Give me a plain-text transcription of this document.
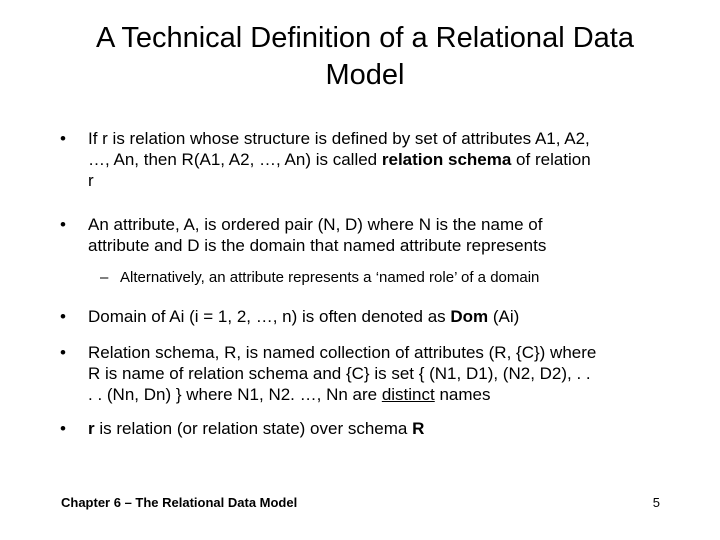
A Technical Definition of a Relational Data
Model
• If r is relation whose structure is defined by set of attributes A1, A2,
…, An, then R(A1, A2, …, An) is called relation schema of relation
r
• An attribute, A, is ordered pair (N, D) where N is the name of
attribute and D is the domain that named attribute represents
– Alternatively, an attribute represents a ‘named role’ of a domain
• Domain of Ai (i = 1, 2, …, n) is often denoted as Dom (Ai)
• Relation schema, R, is named collection of attributes (R, {C}) where
R is name of relation schema and {C} is set { (N1, D1), (N2, D2), . .
. . (Nn, Dn) } where N1, N2. …, Nn are distinct names
• r is relation (or relation state) over schema R
Chapter 6 – The Relational Data Model	5
